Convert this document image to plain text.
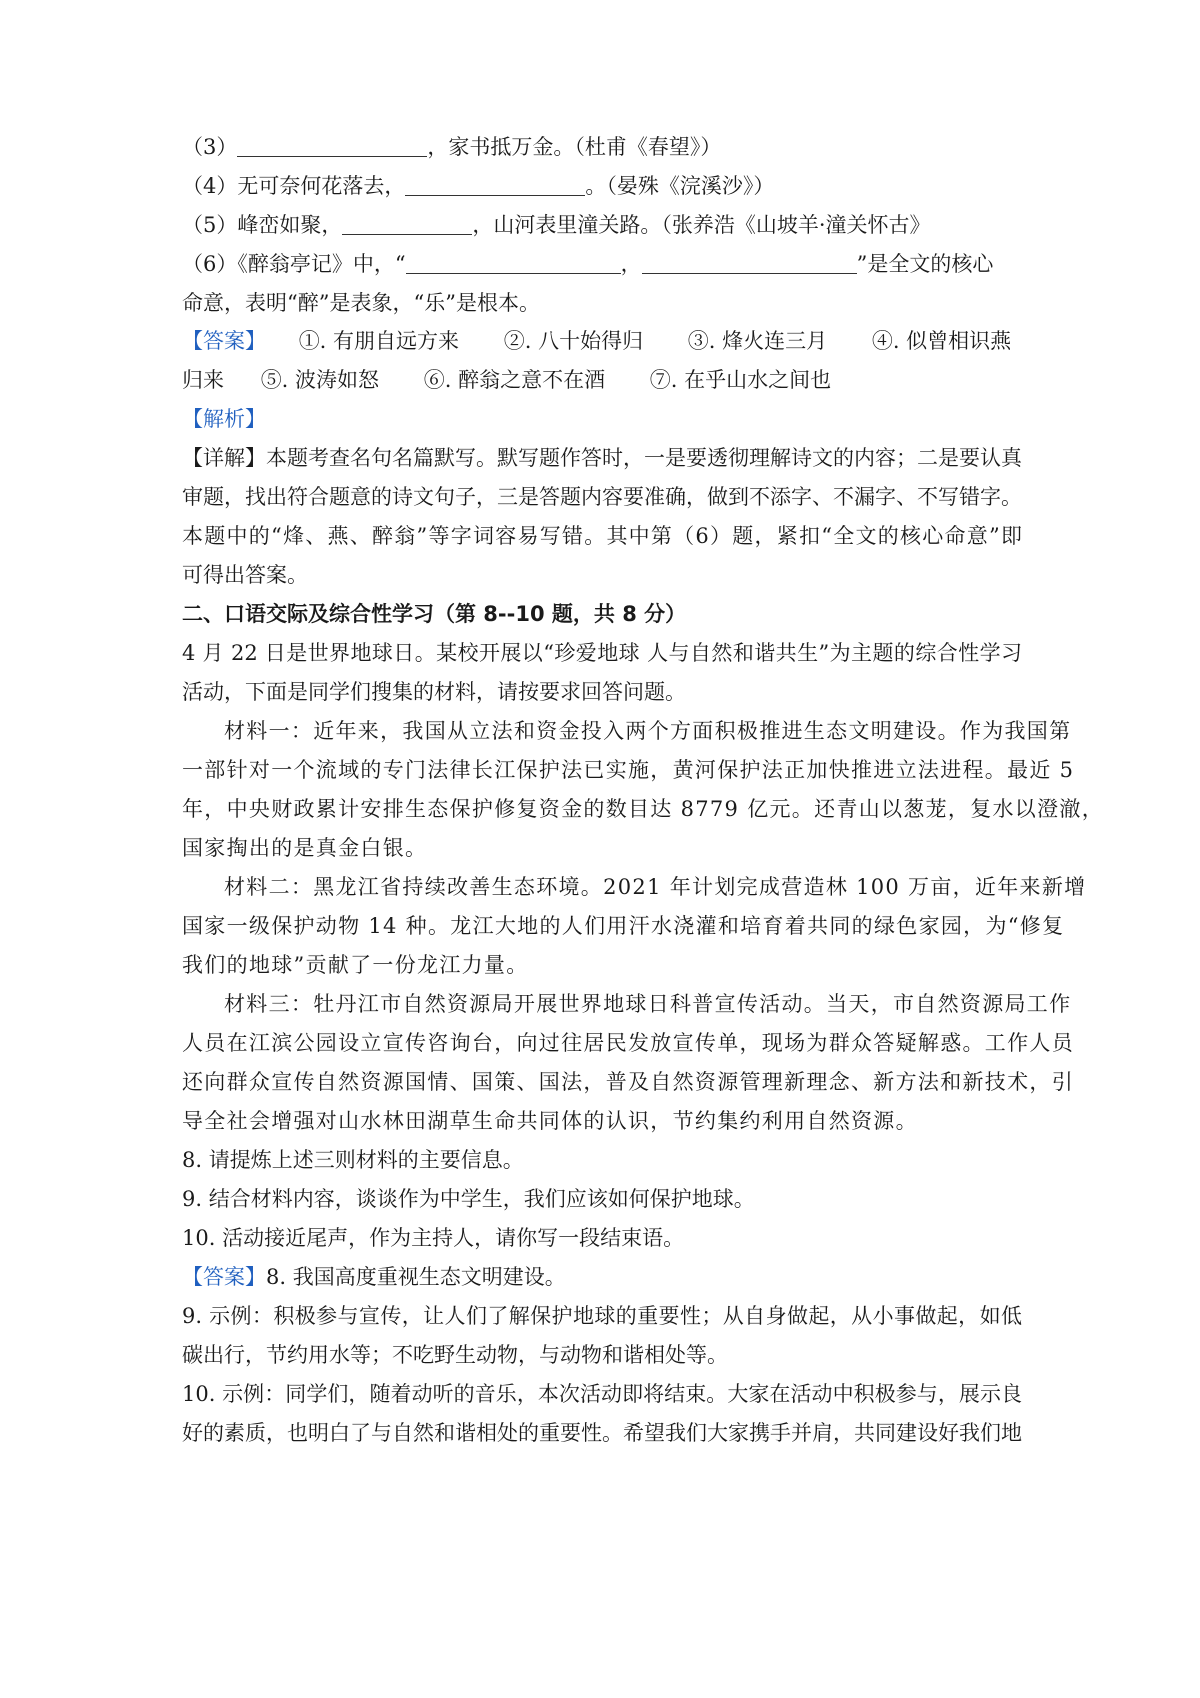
（3）	，家书抵万金。（杜甫《春望》）
（4）无可奈何花落去，	。（晏殊《浣溪沙》）
（5）峰峦如聚，	，山河表里潼关路。（张养浩《山坡羊·潼关怀古》
（6）《醉翁亭记》中，“	，	”是全文的核心
命意，表明“醉”是表象，“乐”是根本。
【答案】 ①. 有朋自远方来 ②. 八十始得归 ③. 烽火连三月 ④. 似曾相识燕
归来 ⑤. 波涛如怒 ⑥. 醉翁之意不在酒 ⑦. 在乎山水之间也
【解析】
【详解】本题考查名句名篇默写。默写题作答时，一是要透彻理解诗文的内容；二是要认真
审题，找出符合题意的诗文句子，三是答题内容要准确，做到不添字、不漏字、不写错字。
本题中的“烽、燕、醉翁”等字词容易写错。其中第（6）题，紧扣“全文的核心命意”即
可得出答案。
二、口语交际及综合性学习（第 8--10 题，共 8 分）
4 月 22 日是世界地球日。某校开展以“珍爱地球 人与自然和谐共生”为主题的综合性学习
活动，下面是同学们搜集的材料，请按要求回答问题。
材料一：近年来，我国从立法和资金投入两个方面积极推进生态文明建设。作为我国第
一部针对一个流域的专门法律长江保护法已实施，黄河保护法正加快推进立法进程。最近 5
年，中央财政累计安排生态保护修复资金的数目达 8779 亿元。还青山以葱茏，复水以澄澈，
国家掏出的是真金白银。
材料二：黑龙江省持续改善生态环境。2021 年计划完成营造林 100 万亩，近年来新增
国家一级保护动物 14 种。龙江大地的人们用汗水浇灌和培育着共同的绿色家园，为“修复
我们的地球”贡献了一份龙江力量。
材料三：牡丹江市自然资源局开展世界地球日科普宣传活动。当天，市自然资源局工作
人员在江滨公园设立宣传咨询台，向过往居民发放宣传单，现场为群众答疑解惑。工作人员
还向群众宣传自然资源国情、国策、国法，普及自然资源管理新理念、新方法和新技术，引
导全社会增强对山水林田湖草生命共同体的认识，节约集约利用自然资源。
8. 请提炼上述三则材料的主要信息。
9. 结合材料内容，谈谈作为中学生，我们应该如何保护地球。
10. 活动接近尾声，作为主持人，请你写一段结束语。
【答案】8. 我国高度重视生态文明建设。
9. 示例：积极参与宣传，让人们了解保护地球的重要性；从自身做起，从小事做起，如低
碳出行，节约用水等；不吃野生动物，与动物和谐相处等。
10. 示例：同学们，随着动听的音乐，本次活动即将结束。大家在活动中积极参与，展示良
好的素质，也明白了与自然和谐相处的重要性。希望我们大家携手并肩，共同建设好我们地
